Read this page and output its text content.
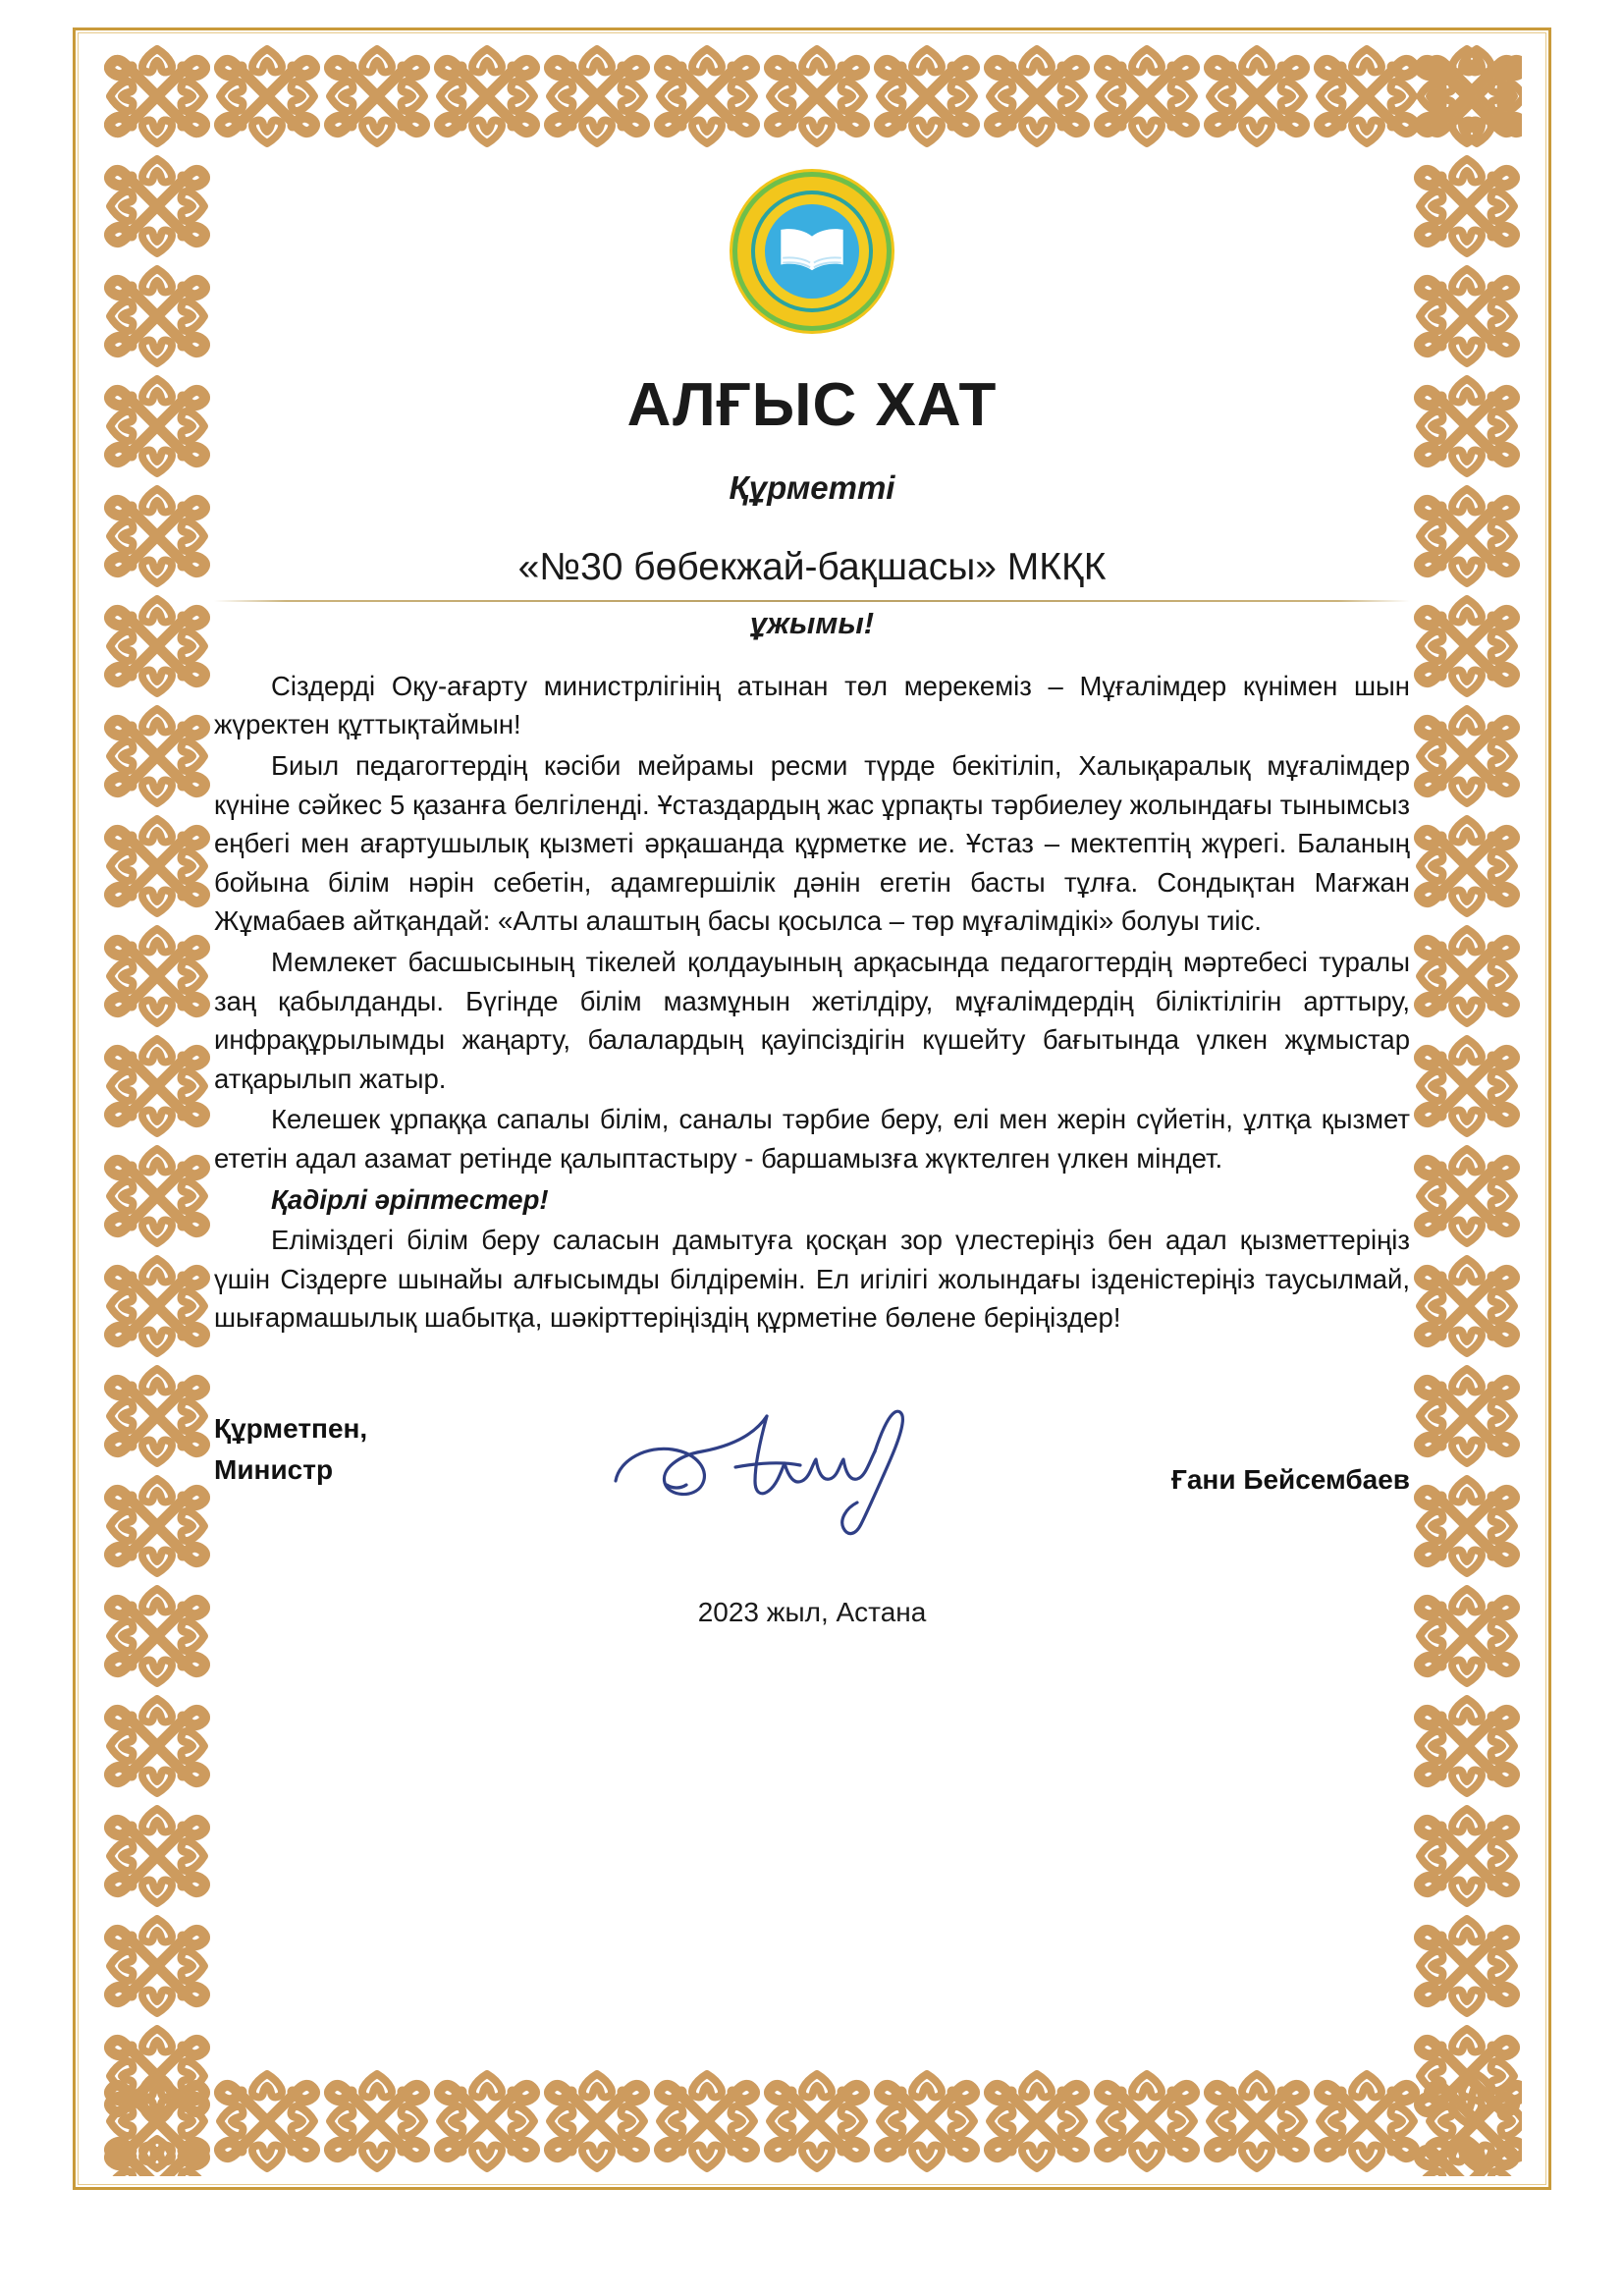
АЛҒЫС ХАТ
Құрметті
«№30 бөбекжай-бақшасы» МКҚК
ұжымы!

Сіздерді Оқу-ағарту министрлігінің атынан төл мерекеміз – Мұғалімдер күнімен шын жүректен құттықтаймын!

Биыл педагогтердің кәсіби мейрамы ресми түрде бекітіліп, Халықаралық мұғалімдер күніне сәйкес 5 қазанға белгіленді. Ұстаздардың жас ұрпақты тәрбиелеу жолындағы тынымсыз еңбегі мен ағартушылық қызметі әрқашанда құрметке ие. Ұстаз – мектептің жүрегі. Баланың бойына білім нәрін себетін, адамгершілік дәнін егетін басты тұлға. Сондықтан Мағжан Жұмабаев айтқандай: «Алты алаштың басы қосылса – төр мұғалімдікі» болуы тиіс.

Мемлекет басшысының тікелей қолдауының арқасында педагогтердің мәртебесі туралы заң қабылданды. Бүгінде білім мазмұнын жетілдіру, мұғалімдердің біліктілігін арттыру, инфрақұрылымды жаңарту, балалардың қауіпсіздігін күшейту бағытында үлкен жұмыстар атқарылып жатыр.

Келешек ұрпаққа сапалы білім, саналы тәрбие беру, елі мен жерін сүйетін, ұлтқа қызмет ететін адал азамат ретінде қалыптастыру - баршамызға жүктелген үлкен міндет.

Қадірлі әріптестер!

Еліміздегі білім беру саласын дамытуға қосқан зор үлестеріңіз бен адал қызметтеріңіз үшін Сіздерге шынайы алғысымды білдіремін. Ел игілігі жолындағы ізденістеріңіз таусылмай, шығармашылық шабытқа, шәкірттеріңіздің құрметіне бөлене беріңіздер!

Құрметпен,
Министр	Ғани Бейсембаев
2023 жыл, Астана
